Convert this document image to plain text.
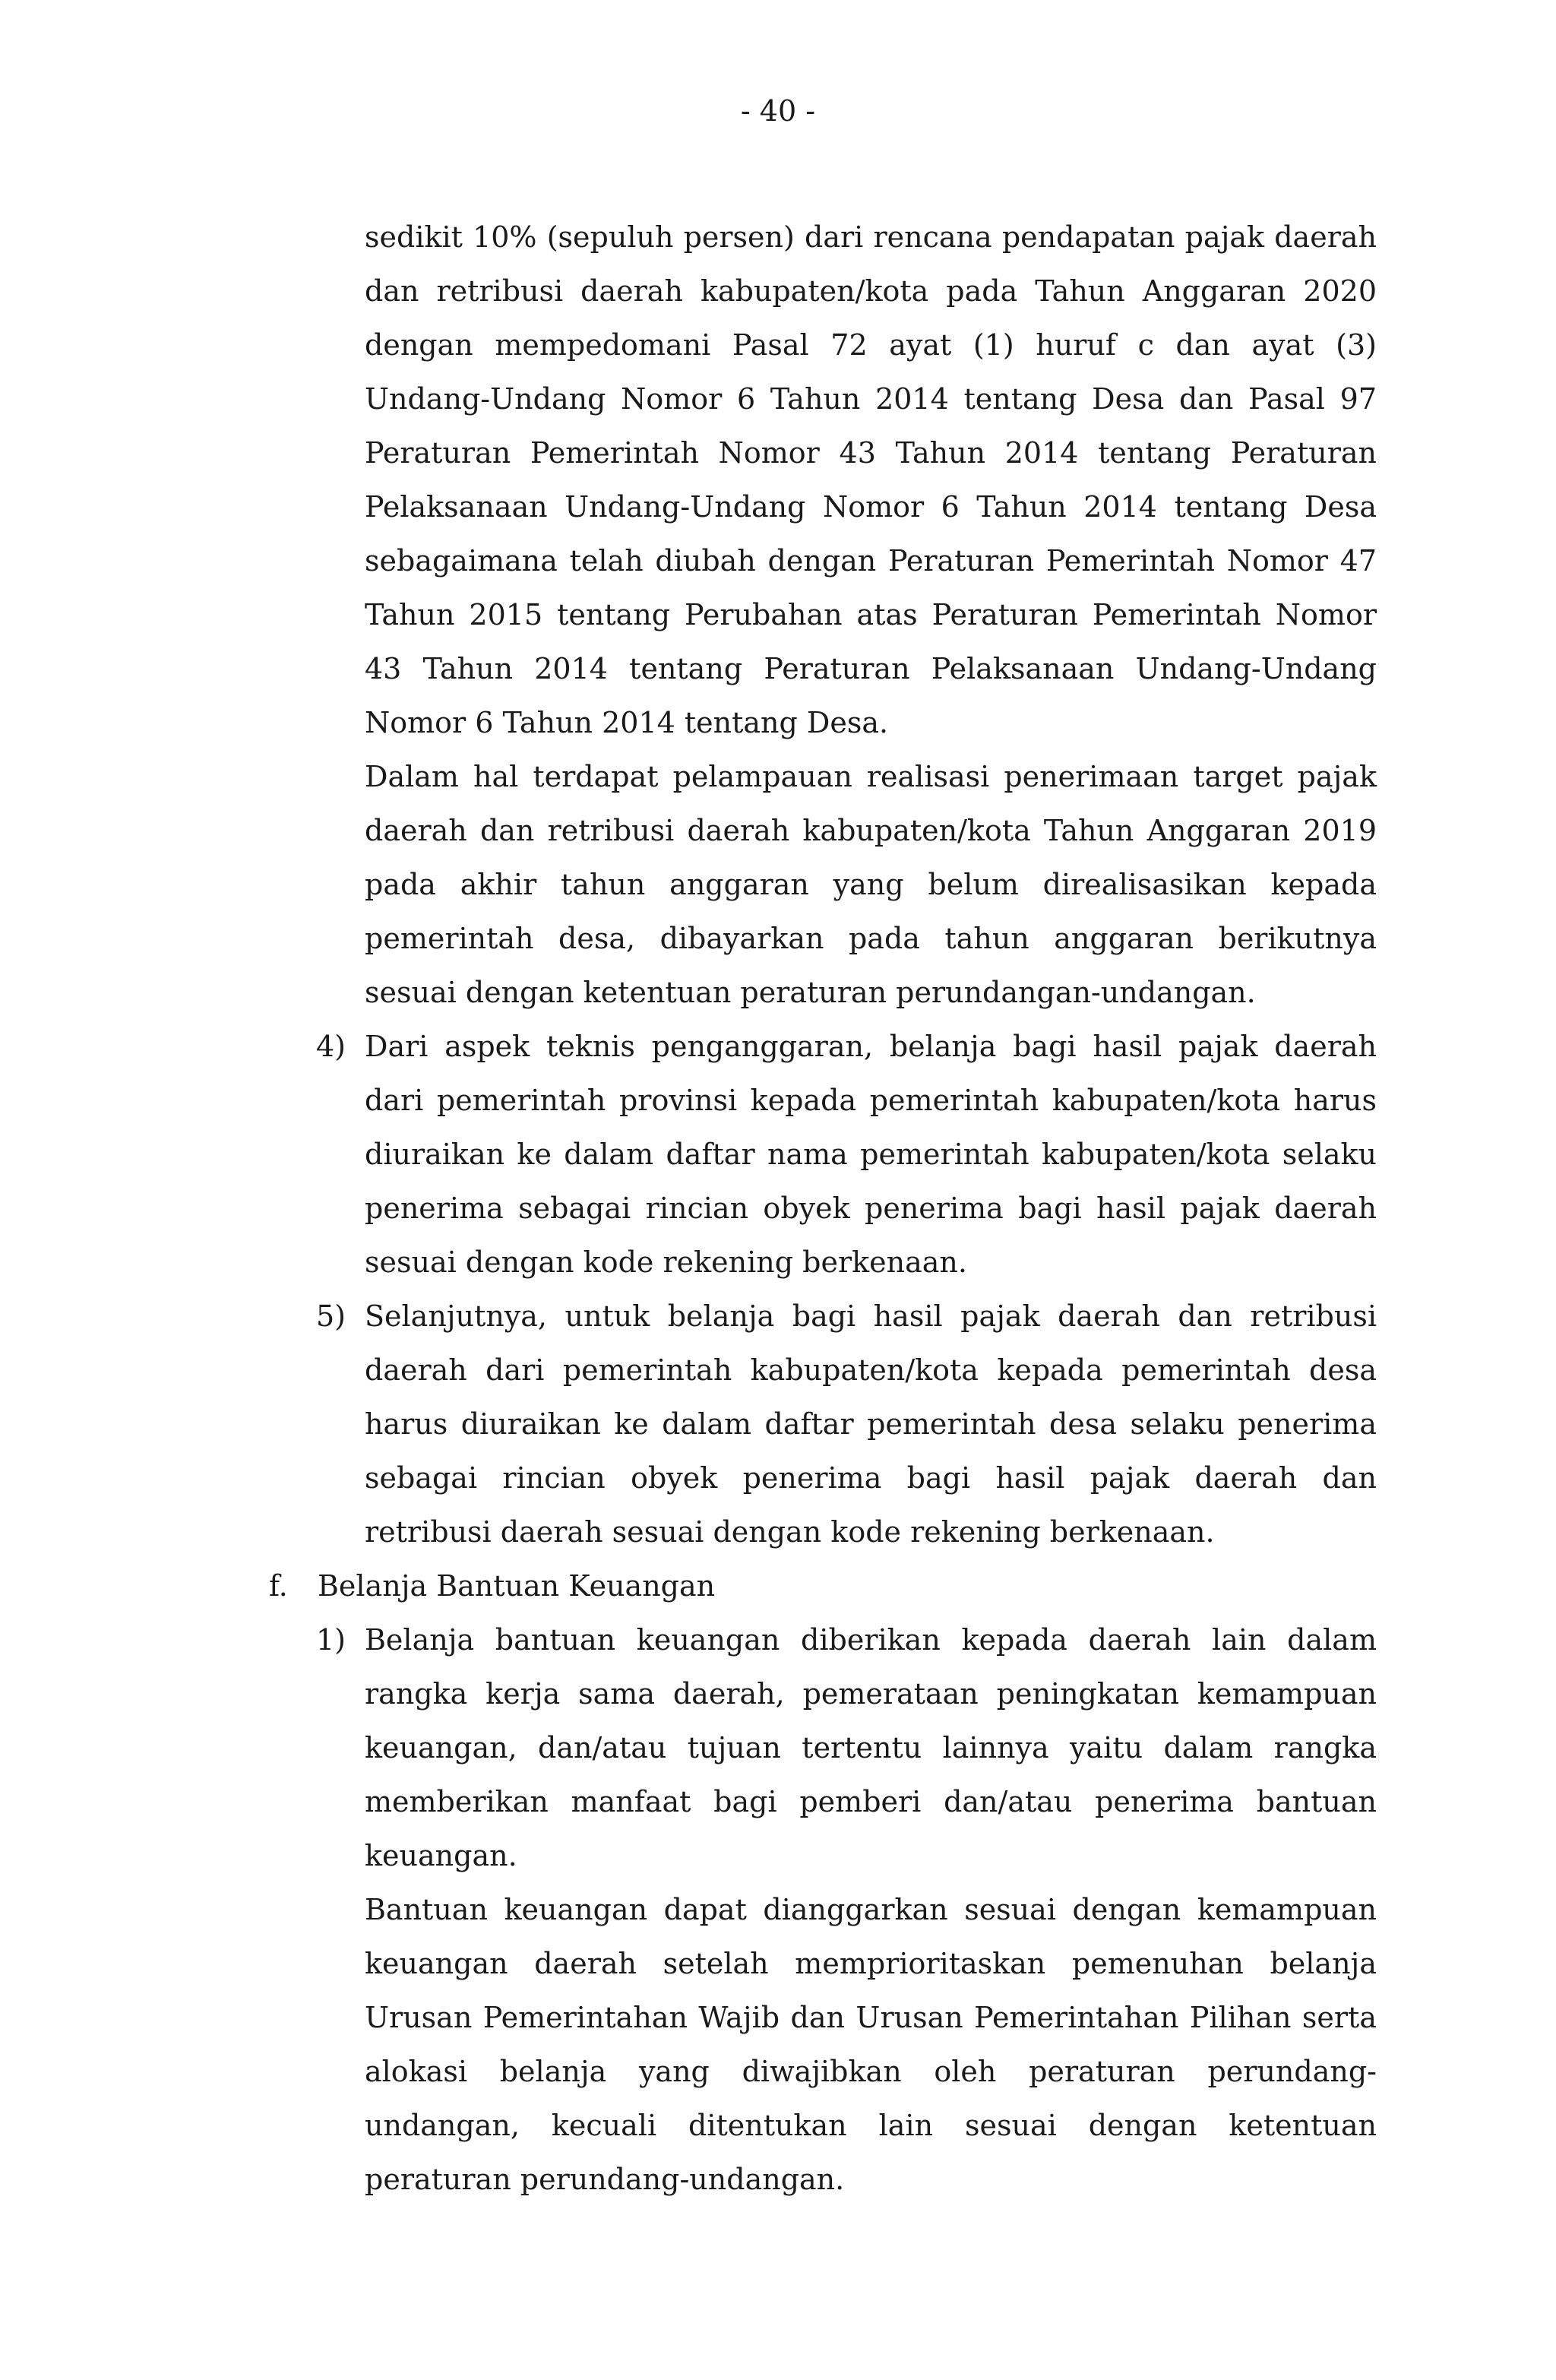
- 40 -

sedikit 10% (sepuluh persen) dari rencana pendapatan pajak daerah dan retribusi daerah kabupaten/kota pada Tahun Anggaran 2020 dengan mempedomani Pasal 72 ayat (1) huruf c dan ayat (3) Undang-Undang Nomor 6 Tahun 2014 tentang Desa dan Pasal 97 Peraturan Pemerintah Nomor 43 Tahun 2014 tentang Peraturan Pelaksanaan Undang-Undang Nomor 6 Tahun 2014 tentang Desa sebagaimana telah diubah dengan Peraturan Pemerintah Nomor 47 Tahun 2015 tentang Perubahan atas Peraturan Pemerintah Nomor 43 Tahun 2014 tentang Peraturan Pelaksanaan Undang-Undang Nomor 6 Tahun 2014 tentang Desa.

Dalam hal terdapat pelampauan realisasi penerimaan target pajak daerah dan retribusi daerah kabupaten/kota Tahun Anggaran 2019 pada akhir tahun anggaran yang belum direalisasikan kepada pemerintah desa, dibayarkan pada tahun anggaran berikutnya sesuai dengan ketentuan peraturan perundangan-undangan.

4) Dari aspek teknis penganggaran, belanja bagi hasil pajak daerah dari pemerintah provinsi kepada pemerintah kabupaten/kota harus diuraikan ke dalam daftar nama pemerintah kabupaten/kota selaku penerima sebagai rincian obyek penerima bagi hasil pajak daerah sesuai dengan kode rekening berkenaan.

5) Selanjutnya, untuk belanja bagi hasil pajak daerah dan retribusi daerah dari pemerintah kabupaten/kota kepada pemerintah desa harus diuraikan ke dalam daftar pemerintah desa selaku penerima sebagai rincian obyek penerima bagi hasil pajak daerah dan retribusi daerah sesuai dengan kode rekening berkenaan.

f. Belanja Bantuan Keuangan

1) Belanja bantuan keuangan diberikan kepada daerah lain dalam rangka kerja sama daerah, pemerataan peningkatan kemampuan keuangan, dan/atau tujuan tertentu lainnya yaitu dalam rangka memberikan manfaat bagi pemberi dan/atau penerima bantuan keuangan.

Bantuan keuangan dapat dianggarkan sesuai dengan kemampuan keuangan daerah setelah memprioritaskan pemenuhan belanja Urusan Pemerintahan Wajib dan Urusan Pemerintahan Pilihan serta alokasi belanja yang diwajibkan oleh peraturan perundang-undangan, kecuali ditentukan lain sesuai dengan ketentuan peraturan perundang-undangan.
